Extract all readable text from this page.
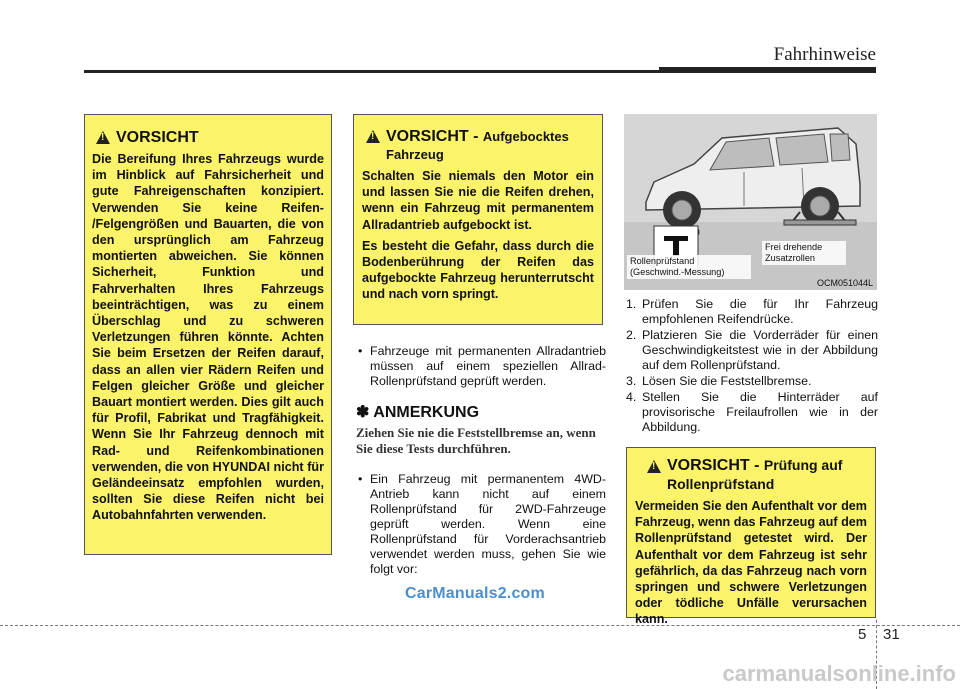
Fahrhinweise
!
VORSICHT

Die Bereifung Ihres Fahrzeugs wurde im Hinblick auf Fahrsicherheit und gute Fahreigenschaften konzipiert. Verwenden Sie keine Reifen- /Felgengrößen und Bauarten, die von den ursprünglich am Fahrzeug montierten abweichen. Sie können Sicherheit, Funktion und Fahrverhalten Ihres Fahrzeugs beeinträchtigen, was zu einem Überschlag und zu schweren Verletzungen führen könnte. Achten Sie beim Ersetzen der Reifen darauf, dass an allen vier Rädern Reifen und Felgen gleicher Größe und gleicher Bauart montiert werden. Dies gilt auch für Profil, Fabrikat und Tragfähigkeit. Wenn Sie Ihr Fahrzeug dennoch mit Rad- und Reifenkombinationen verwenden, die von HYUNDAI nicht für Geländeeinsatz empfohlen wurden, sollten Sie diese Reifen nicht bei Autobahnfahrten verwenden.

!
VORSICHT - Aufgebocktes Fahrzeug

Schalten Sie niemals den Motor ein und lassen Sie nie die Reifen drehen, wenn ein Fahrzeug mit permanentem Allradantrieb aufgebockt ist.

Es besteht die Gefahr, dass durch die Bodenberührung der Reifen das aufgebockte Fahrzeug herunterrutscht und nach vorn springt.

• Fahrzeuge mit permanenten Allradantrieb müssen auf einem speziellen Allrad-Rollenprüfstand geprüft werden.
✽ ANMERKUNG
Ziehen Sie nie die Feststellbremse an, wenn Sie diese Tests durchführen.
• Ein Fahrzeug mit permanentem 4WD-Antrieb kann nicht auf einem Rollenprüfstand für 2WD-Fahrzeuge geprüft werden. Wenn eine Rollenprüfstand für Vorderachsantrieb verwendet werden muss, gehen Sie wie folgt vor:
Rollenprüfstand (Geschwind.-Messung)
Frei drehende Zusatzrollen
OCM051044L
1. Prüfen Sie die für Ihr Fahrzeug empfohlenen Reifendrücke.
2. Platzieren Sie die Vorderräder für einen Geschwindigkeitstest wie in der Abbildung auf dem Rollenprüfstand.
3. Lösen Sie die Feststellbremse.
4. Stellen Sie die Hinterräder auf provisorische Freilaufrollen wie in der Abbildung.
!
VORSICHT - Prüfung auf Rollenprüfstand

Vermeiden Sie den Aufenthalt vor dem Fahrzeug, wenn das Fahrzeug auf dem Rollenprüfstand getestet wird. Der Aufenthalt vor dem Fahrzeug ist sehr gefährlich, da das Fahrzeug nach vorn springen und schwere Verletzungen oder tödliche Unfälle verursachen kann.

CarManuals2.com
5 31
carmanualsonline.info
